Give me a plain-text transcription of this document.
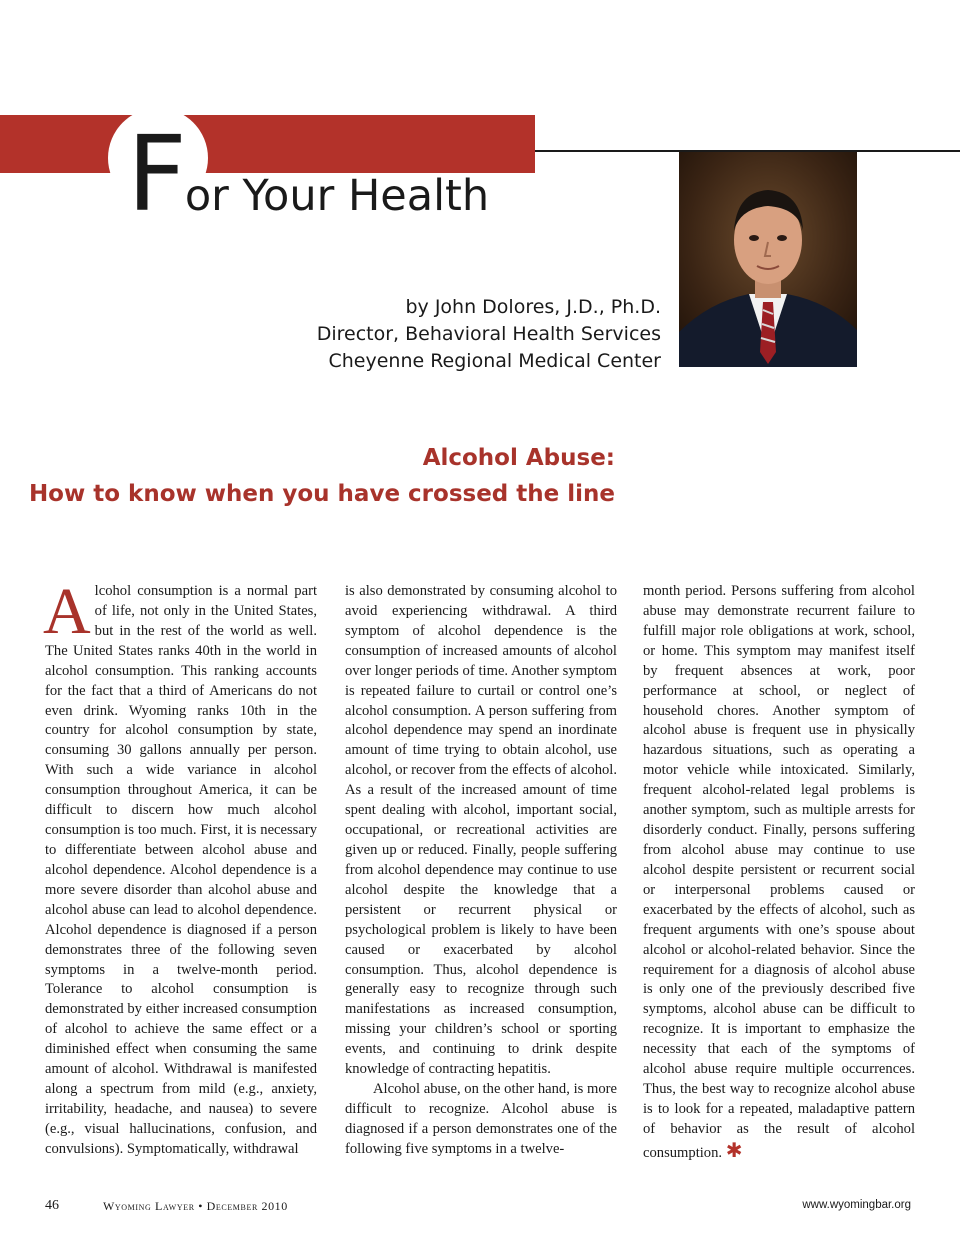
For Your Health
by John Dolores, J.D., Ph.D.
Director, Behavioral Health Services
Cheyenne Regional Medical Center
Alcohol Abuse:
How to know when you have crossed the line

Alcohol consumption is a normal part of life, not only in the United States, but in the rest of the world as well. The United States ranks 40th in the world in alcohol consumption. This ranking accounts for the fact that a third of Americans do not even drink. Wyoming ranks 10th in the country for alcohol consumption by state, consuming 30 gallons annually per person. With such a wide variance in alcohol consumption throughout America, it can be difficult to discern how much alcohol consumption is too much. First, it is necessary to differentiate between alcohol abuse and alcohol dependence. Alcohol dependence is a more severe disorder than alcohol abuse and alcohol abuse can lead to alcohol dependence. Alcohol dependence is diagnosed if a person demonstrates three of the following seven symptoms in a twelve-month period. Tolerance to alcohol consumption is demonstrated by either increased consumption of alcohol to achieve the same effect or a diminished effect when consuming the same amount of alcohol. Withdrawal is manifested along a spectrum from mild (e.g., anxiety, irritability, headache, and nausea) to severe (e.g., visual hallucinations, confusion, and convulsions). Symptomatically, withdrawal

is also demonstrated by consuming alcohol to avoid experiencing withdrawal. A third symptom of alcohol dependence is the consumption of increased amounts of alcohol over longer periods of time. Another symptom is repeated failure to curtail or control one’s alcohol consumption. A person suffering from alcohol dependence may spend an inordinate amount of time trying to obtain alcohol, use alcohol, or recover from the effects of alcohol. As a result of the increased amount of time spent dealing with alcohol, important social, occupational, or recreational activities are given up or reduced. Finally, people suffering from alcohol dependence may continue to use alcohol despite the knowledge that a persistent or recurrent physical or psychological problem is likely to have been caused or exacerbated by alcohol consumption. Thus, alcohol dependence is generally easy to recognize through such manifestations as increased consumption, missing your children’s school or sporting events, and continuing to drink despite knowledge of contracting hepatitis.

Alcohol abuse, on the other hand, is more difficult to recognize. Alcohol abuse is diagnosed if a person demonstrates one of the following five symptoms in a twelve-

month period. Persons suffering from alcohol abuse may demonstrate recurrent failure to fulfill major role obligations at work, school, or home. This symptom may manifest itself by frequent absences at work, poor performance at school, or neglect of household chores. Another symptom of alcohol abuse is frequent use in physically hazardous situations, such as operating a motor vehicle while intoxicated. Similarly, frequent alcohol-related legal problems is another symptom, such as multiple arrests for disorderly conduct. Finally, persons suffering from alcohol abuse may continue to use alcohol despite persistent or recurrent social or interpersonal problems caused or exacerbated by the effects of alcohol, such as frequent arguments with one’s spouse about alcohol or alcohol-related behavior. Since the requirement for a diagnosis of alcohol abuse is only one of the previously described five symptoms, alcohol abuse can be difficult to recognize. It is important to emphasize the necessity that each of the symptoms of alcohol abuse require multiple occurrences. Thus, the best way to recognize alcohol abuse is to look for a repeated, maladaptive pattern of behavior as the result of alcohol consumption. ✱

46	Wyoming Lawyer • December 2010	www.wyomingbar.org
